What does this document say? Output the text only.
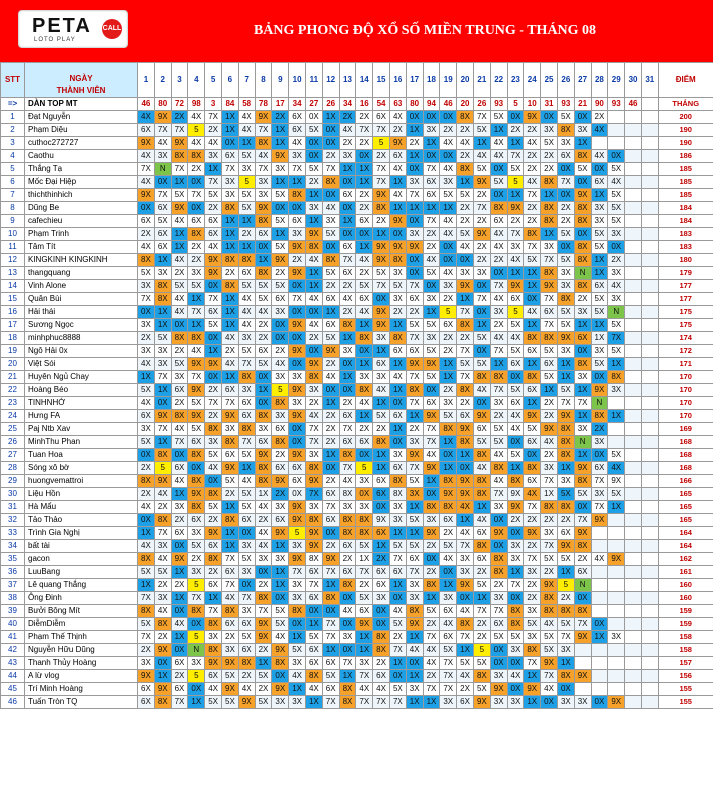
PETA
LOTO PLAY
CALL	BẢNG PHONG ĐỘ XỔ SỐ MIỀN TRUNG - THÁNG 08
STT	NGÀY
THÀNH VIÊN	1	2	3	4	5	6	7	8	9	10	11	12	13	14	15	16	17	18	19	20	21	22	23	24	25	26	27	28	29	30	31	ĐIỂM
=>	DÀN TOP MT	46	80	72	98	3	84	58	78	17	34	27	26	34	16	54	63	80	94	46	20	26	93	5	10	31	93	21	90	93	46		THẮNG
1	Đạt Nguyễn	4X	9X	2X	4X	7X	1X	4X	9X	2X	6X	0X	1X	2X	2X	6X	4X	0X	0X	0X	8X	7X	5X	0X	9X	0X	5X	0X	2X				200
2	Phạm Diệu	6X	7X	7X	5	2X	1X	4X	7X	1X	6X	5X	0X	4X	7X	7X	2X	1X	3X	2X	2X	5X	1X	2X	2X	3X	8X	3X	4X				190
3	cuthoc272727	9X	4X	9X	4X	4X	0X	1X	8X	1X	4X	0X	0X	2X	2X	5	9X	2X	1X	4X	4X	1X	4X	1X	4X	5X	3X	1X					190
4	Caothu	4X	3X	8X	8X	3X	6X	5X	4X	9X	3X	0X	2X	3X	0X	2X	6X	1X	0X	0X	2X	4X	4X	7X	2X	2X	6X	8X	4X	0X			186
5	Thắng Tạ	7X	N	7X	2X	1X	7X	3X	7X	3X	7X	5X	7X	1X	1X	7X	4X	0X	7X	4X	8X	5X	0X	5X	2X	2X	0X	5X	0X	5X			185
6	Mốc Đại Hiệp	4X	0X	1X	0X	7X	3X	5	3X	1X	1X	2X	8X	0X	1X	7X	1X	3X	6X	3X	1X	9X	5X	5	4X	8X	7X	0X	6X	4X			185
7	thichthinhich	9X	7X	5X	7X	5X	3X	5X	3X	5X	8X	1X	0X	6X	2X	9X	4X	7X	6X	5X	5X	2X	0X	1X	7X	1X	0X	9X	1X	5X			185
8	Dũng Be	0X	6X	9X	0X	2X	8X	5X	9X	0X	0X	3X	4X	0X	2X	8X	1X	1X	1X	1X	2X	7X	8X	9X	2X	8X	2X	8X	3X	5X			184
9	cafechieu	6X	5X	4X	6X	6X	1X	1X	8X	5X	6X	1X	3X	1X	6X	2X	9X	0X	7X	4X	2X	2X	6X	2X	2X	8X	2X	8X	3X	5X			184
10	Phạm Trinh	2X	6X	1X	8X	6X	1X	2X	6X	1X	3X	9X	5X	0X	0X	1X	0X	3X	2X	4X	5X	9X	4X	7X	8X	1X	5X	0X	5X	3X			183
11	Tâm Tít	4X	6X	1X	2X	4X	1X	1X	0X	5X	9X	8X	0X	6X	1X	9X	9X	9X	2X	0X	4X	2X	4X	3X	7X	3X	0X	8X	5X	0X			183
12	KINGKINH KINGKINH	8X	1X	4X	2X	9X	8X	8X	1X	9X	2X	4X	8X	7X	4X	9X	8X	0X	4X	0X	0X	2X	2X	4X	5X	7X	5X	8X	1X	2X			180
13	thangquang	5X	3X	2X	3X	9X	2X	6X	8X	2X	9X	1X	5X	6X	2X	5X	3X	0X	5X	4X	3X	3X	0X	1X	1X	8X	3X	N	1X	3X			179
14	Vinh Alone	3X	8X	5X	5X	0X	8X	5X	5X	5X	0X	1X	2X	2X	5X	7X	5X	7X	0X	3X	9X	0X	7X	9X	1X	9X	3X	8X	6X	4X			177
15	Quân Bùi	7X	8X	4X	1X	7X	1X	4X	5X	6X	7X	4X	6X	4X	6X	0X	3X	6X	3X	2X	1X	7X	4X	6X	0X	7X	8X	2X	5X	3X			177
16	Hải thái	0X	1X	4X	7X	6X	1X	4X	4X	3X	0X	0X	1X	2X	4X	9X	2X	2X	1X	5	7X	0X	3X	5	4X	6X	5X	3X	5X	N			175
17	Sương Ngọc	3X	1X	0X	1X	5X	1X	4X	2X	0X	9X	4X	6X	8X	1X	9X	1X	5X	5X	6X	8X	1X	2X	5X	1X	7X	5X	1X	1X	5X			175
18	minhphuc8888	2X	5X	8X	8X	0X	4X	3X	2X	0X	0X	2X	5X	1X	8X	3X	8X	7X	3X	2X	2X	5X	4X	4X	8X	8X	9X	6X	1X	7X			174
19	Ngô Hải 0x	3X	3X	2X	4X	1X	2X	5X	6X	2X	9X	0X	9X	3X	0X	1X	6X	6X	5X	2X	7X	0X	7X	5X	6X	5X	3X	0X	3X	5X			172
20	Việt Sói	4X	3X	5X	9X	9X	4X	7X	5X	4X	0X	9X	2X	0X	1X	6X	1X	9X	9X	1X	5X	5X	1X	6X	1X	6X	1X	8X	5X	1X			171
21	Huyên Ngủ Chay	1X	7X	3X	7X	0X	1X	8X	0X	3X	3X	8X	4X	1X	3X	3X	4X	7X	5X	1X	7X	8X	8X	0X	8X	5X	1X	3X	0X	8X			170
22	Hoàng Béo	5X	1X	6X	9X	2X	6X	3X	1X	5	9X	3X	0X	0X	8X	4X	1X	8X	0X	2X	8X	4X	7X	5X	6X	1X	5X	1X	9X	3X			170
23	TINHNHỚ	4X	0X	2X	5X	7X	7X	6X	0X	8X	3X	2X	1X	2X	4X	1X	0X	7X	6X	3X	2X	0X	3X	6X	1X	2X	7X	7X	N				170
24	Hưng FA	6X	9X	8X	9X	2X	9X	6X	8X	3X	9X	4X	2X	6X	1X	5X	6X	1X	9X	5X	6X	9X	2X	4X	9X	2X	9X	1X	8X	1X			170
25	Paj Ntb Xav	3X	7X	4X	5X	8X	3X	8X	3X	6X	0X	7X	2X	7X	2X	2X	1X	2X	7X	8X	9X	6X	5X	4X	5X	9X	8X	3X	2X				169
26	MinhThu Phan	5X	1X	7X	6X	3X	8X	7X	6X	8X	0X	7X	2X	6X	6X	8X	0X	3X	7X	1X	8X	5X	5X	0X	6X	4X	8X	N	3X				168
27	Tuan Hoa	0X	8X	0X	8X	5X	6X	5X	9X	2X	9X	3X	1X	8X	0X	1X	3X	9X	4X	0X	1X	8X	4X	5X	0X	2X	8X	1X	0X	5X			168
28	Sóng xô bờ	2X	5	6X	0X	4X	9X	1X	8X	6X	6X	8X	0X	7X	5	1X	6X	7X	9X	1X	0X	4X	8X	1X	8X	3X	1X	9X	6X	4X			168
29	huongvemattroi	8X	9X	4X	8X	0X	5X	4X	8X	9X	6X	9X	2X	4X	3X	6X	8X	5X	1X	8X	9X	8X	4X	8X	6X	7X	3X	8X	7X	9X			166
30	Liệu Hồn	2X	4X	1X	9X	8X	2X	5X	1X	2X	0X	7X	6X	8X	0X	6X	8X	3X	0X	9X	9X	8X	7X	9X	4X	1X	5X	5X	3X	5X			165
31	Hà Mẩu	4X	2X	3X	8X	5X	1X	5X	4X	3X	9X	3X	7X	3X	3X	0X	3X	1X	8X	8X	4X	1X	3X	9X	7X	8X	8X	0X	7X	1X			165
32	Tảo Thảo	0X	8X	2X	6X	2X	8X	6X	2X	6X	9X	8X	6X	8X	8X	9X	3X	5X	3X	6X	1X	4X	0X	2X	2X	2X	2X	7X	9X				165
33	Trình Gia Nghị	1X	7X	6X	3X	9X	1X	0X	4X	9X	5	9X	0X	8X	8X	6X	1X	1X	9X	2X	4X	6X	9X	0X	9X	3X	6X	9X					164
34	bất tài	4X	3X	0X	5X	6X	1X	3X	4X	1X	3X	9X	2X	6X	5X	1X	5X	5X	2X	5X	7X	8X	0X	3X	2X	7X	9X	8X					164
35	gacon	8X	4X	9X	2X	8X	7X	5X	3X	3X	9X	8X	9X	2X	1X	2X	7X	6X	0X	4X	3X	6X	8X	3X	7X	5X	5X	2X	4X	9X			162
36	LuuBang	5X	5X	1X	3X	2X	6X	3X	0X	1X	7X	6X	7X	6X	7X	6X	6X	7X	2X	0X	3X	2X	8X	1X	3X	2X	1X	6X					161
37	Lê quang Thắng	1X	2X	2X	5	6X	7X	0X	2X	1X	3X	7X	1X	8X	2X	6X	1X	3X	8X	1X	9X	5X	2X	7X	2X	9X	5	N					160
38	Ông Đinh	7X	3X	1X	7X	1X	4X	7X	8X	0X	3X	6X	8X	0X	5X	3X	0X	3X	1X	3X	0X	1X	3X	0X	2X	8X	2X	0X					160
39	Bưởi Bông Mít	8X	4X	0X	8X	7X	8X	3X	7X	5X	8X	0X	0X	4X	6X	0X	4X	8X	5X	6X	4X	7X	7X	8X	3X	8X	8X	8X					159
40	DiễmDiễm	5X	8X	4X	0X	8X	6X	6X	9X	5X	0X	1X	7X	0X	9X	0X	5X	9X	2X	4X	8X	2X	6X	8X	5X	4X	5X	7X	0X				159
41	Phạm Thế Thịnh	7X	2X	1X	5	3X	2X	5X	9X	4X	1X	5X	7X	3X	1X	8X	2X	1X	7X	6X	7X	2X	5X	5X	3X	5X	7X	9X	1X	3X			158
42	Nguyễn Hữu Dũng	2X	9X	0X	N	8X	3X	6X	2X	9X	5X	6X	1X	0X	1X	8X	7X	4X	4X	5X	1X	5	0X	3X	8X	5X	3X						158
43	Thanh Thủy Hoàng	3X	0X	6X	3X	9X	9X	8X	1X	8X	3X	6X	6X	7X	3X	2X	1X	0X	4X	7X	5X	5X	0X	0X	7X	9X	1X						157
44	A lừ vlog	9X	1X	2X	5	6X	5X	2X	5X	0X	4X	8X	5X	1X	7X	6X	0X	1X	2X	7X	4X	8X	3X	4X	1X	7X	8X	9X					156
45	Trí Minh Hoàng	6X	9X	6X	0X	4X	9X	4X	2X	9X	1X	4X	6X	8X	4X	4X	5X	3X	7X	7X	2X	5X	9X	0X	9X	4X	0X						155
46	Tuấn Tròn TQ	6X	8X	7X	1X	5X	5X	9X	5X	3X	3X	1X	7X	8X	7X	7X	7X	1X	1X	3X	6X	9X	3X	3X	1X	0X	3X	3X	0X	9X			155
